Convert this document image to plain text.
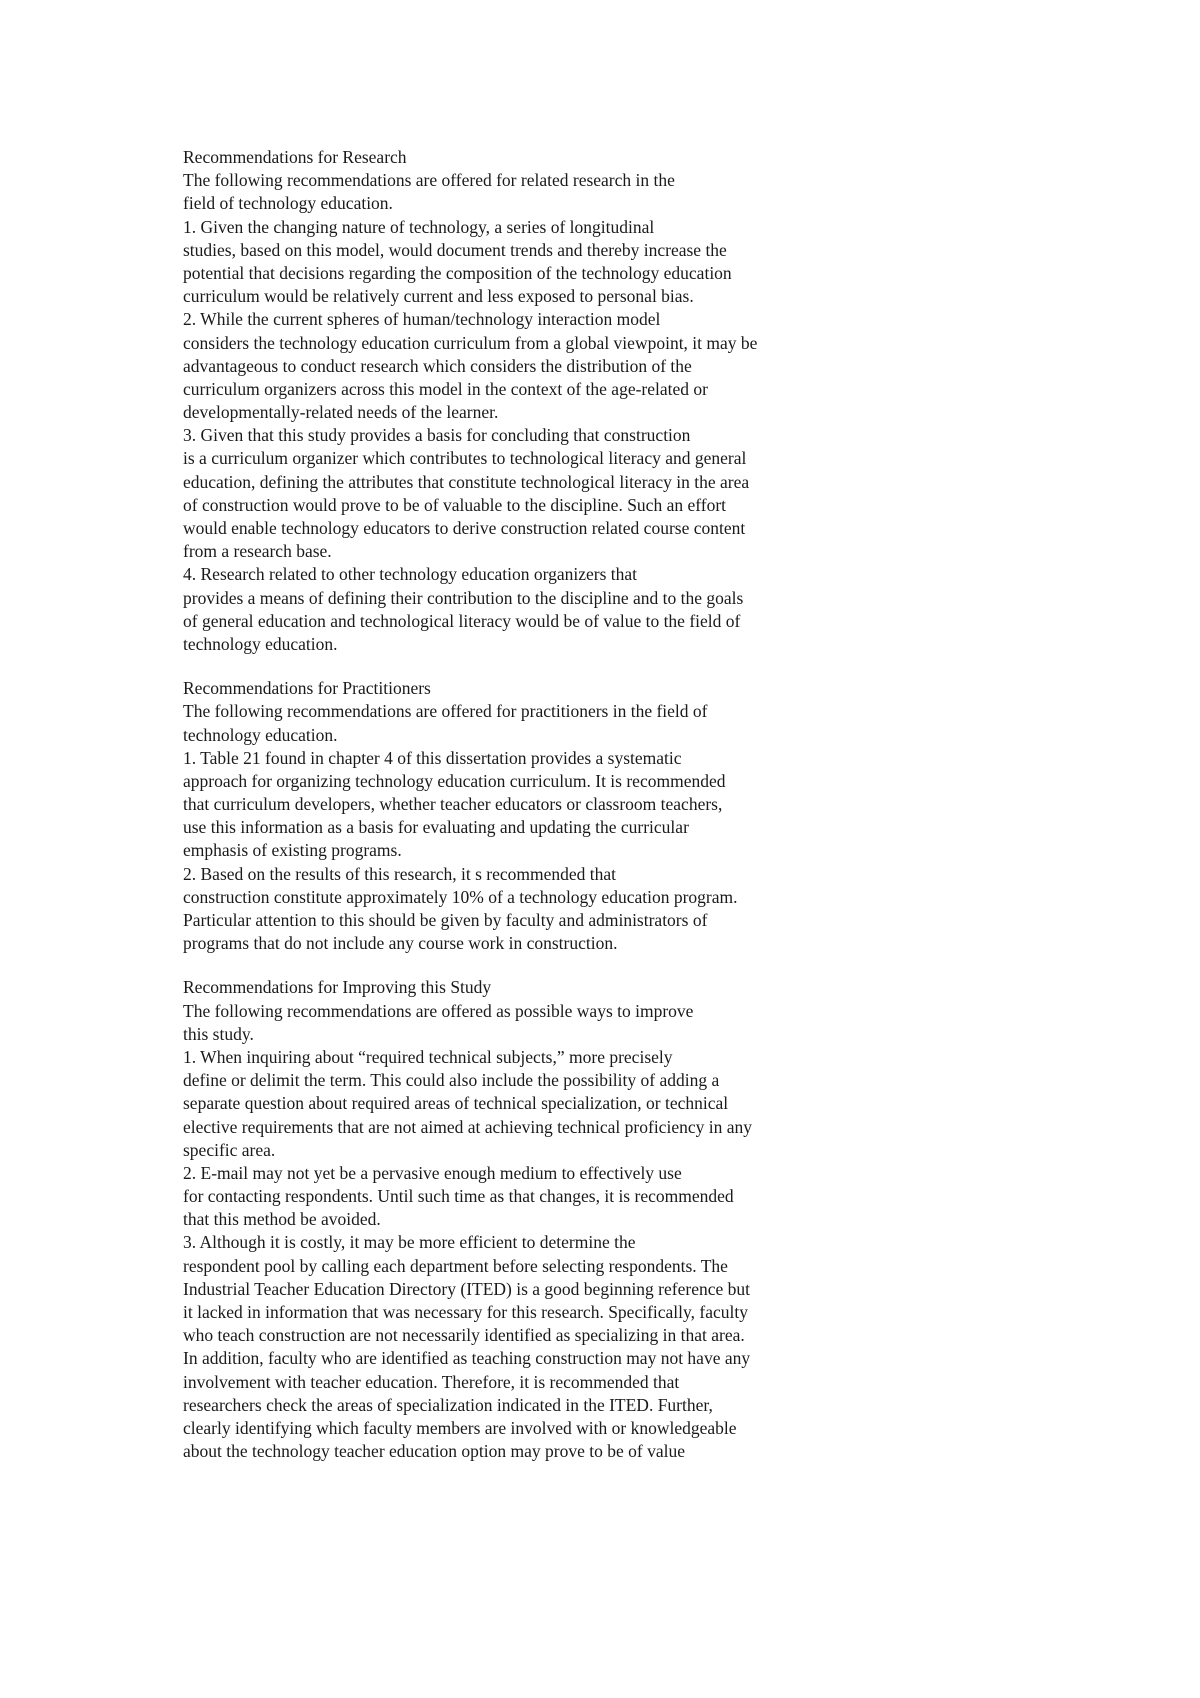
Recommendations for Research
The following recommendations are offered for related research in the
field of technology education.
1. Given the changing nature of technology, a series of longitudinal
studies, based on this model, would document trends and thereby increase the
potential that decisions regarding the composition of the technology education
curriculum would be relatively current and less exposed to personal bias.
2. While the current spheres of human/technology interaction model
considers the technology education curriculum from a global viewpoint, it may be
advantageous to conduct research which considers the distribution of the
curriculum organizers across this model in the context of the age-related or
developmentally-related needs of the learner.
3. Given that this study provides a basis for concluding that construction
is a curriculum organizer which contributes to technological literacy and general
education, defining the attributes that constitute technological literacy in the area
of construction would prove to be of valuable to the discipline. Such an effort
would enable technology educators to derive construction related course content
from a research base.
4. Research related to other technology education organizers that
provides a means of defining their contribution to the discipline and to the goals
of general education and technological literacy would be of value to the field of
technology education.
Recommendations for Practitioners
The following recommendations are offered for practitioners in the field of
technology education.
1. Table 21 found in chapter 4 of this dissertation provides a systematic
approach for organizing technology education curriculum. It is recommended
that curriculum developers, whether teacher educators or classroom teachers,
use this information as a basis for evaluating and updating the curricular
emphasis of existing programs.
2. Based on the results of this research, it s recommended that
construction constitute approximately 10% of a technology education program.
Particular attention to this should be given by faculty and administrators of
programs that do not include any course work in construction.
Recommendations for Improving this Study
The following recommendations are offered as possible ways to improve
this study.
1. When inquiring about “required technical subjects,” more precisely
define or delimit the term. This could also include the possibility of adding a
separate question about required areas of technical specialization, or technical
elective requirements that are not aimed at achieving technical proficiency in any
specific area.
2. E-mail may not yet be a pervasive enough medium to effectively use
for contacting respondents. Until such time as that changes, it is recommended
that this method be avoided.
3. Although it is costly, it may be more efficient to determine the
respondent pool by calling each department before selecting respondents. The
Industrial Teacher Education Directory (ITED) is a good beginning reference but
it lacked in information that was necessary for this research. Specifically, faculty
who teach construction are not necessarily identified as specializing in that area.
In addition, faculty who are identified as teaching construction may not have any
involvement with teacher education. Therefore, it is recommended that
researchers check the areas of specialization indicated in the ITED. Further,
clearly identifying which faculty members are involved with or knowledgeable
about the technology teacher education option may prove to be of value
